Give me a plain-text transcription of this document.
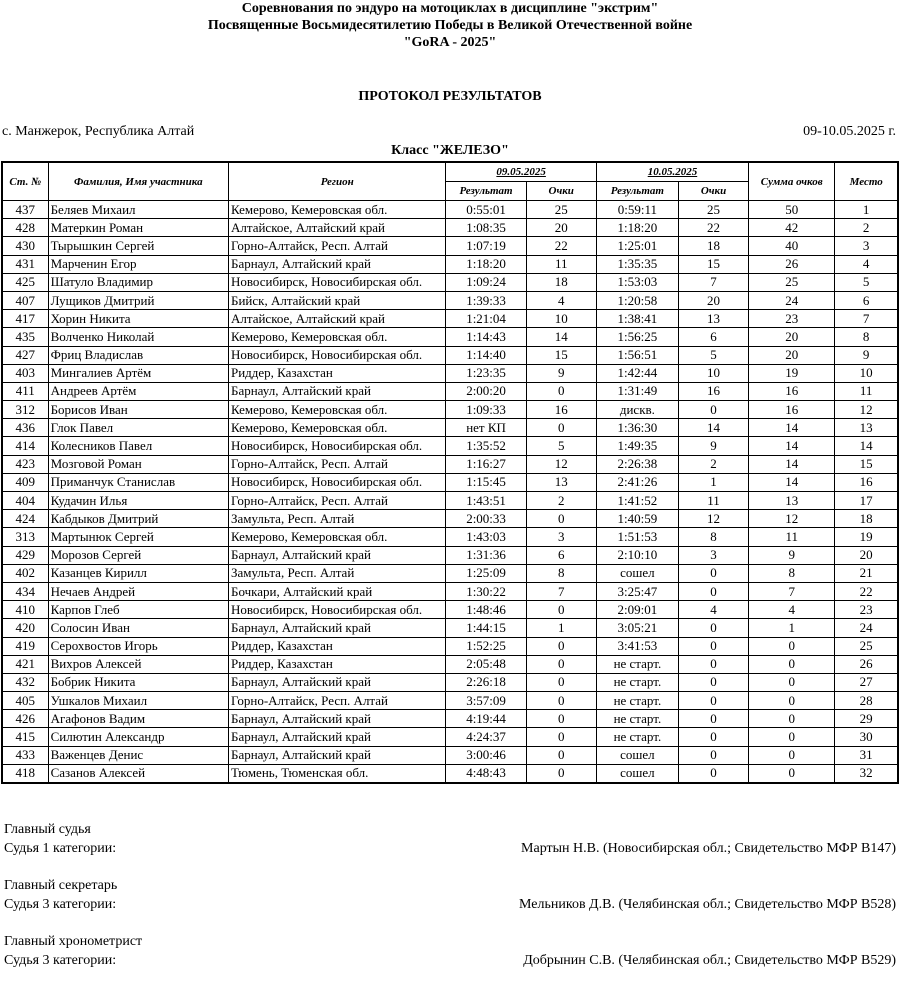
Соревнования по эндуро на мотоциклах в дисциплине "экстрим"
Посвященные Восьмидесятилетию Победы в Великой Отечественной войне
"GoRA - 2025"
ПРОТОКОЛ РЕЗУЛЬТАТОВ
с. Манжерок, Республика Алтай	09-10.05.2025 г.
Класс "ЖЕЛЕЗО"
Ст. №	Фамилия, Имя участника	Регион	09.05.2025		10.05.2025		Сумма очков	Место
			Результат	Очки	Результат	Очки		
437	Беляев Михаил	Кемерово, Кемеровская обл.	0:55:01	25	0:59:11	25	50	1
428	Матеркин Роман	Алтайское, Алтайский край	1:08:35	20	1:18:20	22	42	2
430	Тырышкин Сергей	Горно-Алтайск, Респ. Алтай	1:07:19	22	1:25:01	18	40	3
431	Марченин Егор	Барнаул, Алтайский край	1:18:20	11	1:35:35	15	26	4
425	Шатуло Владимир	Новосибирск, Новосибирская обл.	1:09:24	18	1:53:03	7	25	5
407	Лущиков Дмитрий	Бийск, Алтайский край	1:39:33	4	1:20:58	20	24	6
417	Хорин Никита	Алтайское, Алтайский край	1:21:04	10	1:38:41	13	23	7
435	Волченко Николай	Кемерово, Кемеровская обл.	1:14:43	14	1:56:25	6	20	8
427	Фриц Владислав	Новосибирск, Новосибирская обл.	1:14:40	15	1:56:51	5	20	9
403	Мингалиев Артём	Риддер, Казахстан	1:23:35	9	1:42:44	10	19	10
411	Андреев Артём	Барнаул, Алтайский край	2:00:20	0	1:31:49	16	16	11
312	Борисов Иван	Кемерово, Кемеровская обл.	1:09:33	16	дискв.	0	16	12
436	Глок Павел	Кемерово, Кемеровская обл.	нет КП	0	1:36:30	14	14	13
414	Колесников Павел	Новосибирск, Новосибирская обл.	1:35:52	5	1:49:35	9	14	14
423	Мозговой Роман	Горно-Алтайск, Респ. Алтай	1:16:27	12	2:26:38	2	14	15
409	Приманчук Станислав	Новосибирск, Новосибирская обл.	1:15:45	13	2:41:26	1	14	16
404	Кудачин Илья	Горно-Алтайск, Респ. Алтай	1:43:51	2	1:41:52	11	13	17
424	Кабдыков Дмитрий	Замульта, Респ. Алтай	2:00:33	0	1:40:59	12	12	18
313	Мартынюк Сергей	Кемерово, Кемеровская обл.	1:43:03	3	1:51:53	8	11	19
429	Морозов Сергей	Барнаул, Алтайский край	1:31:36	6	2:10:10	3	9	20
402	Казанцев Кирилл	Замульта, Респ. Алтай	1:25:09	8	сошел	0	8	21
434	Нечаев Андрей	Бочкари, Алтайский край	1:30:22	7	3:25:47	0	7	22
410	Карпов Глеб	Новосибирск, Новосибирская обл.	1:48:46	0	2:09:01	4	4	23
420	Солосин Иван	Барнаул, Алтайский край	1:44:15	1	3:05:21	0	1	24
419	Серохвостов Игорь	Риддер, Казахстан	1:52:25	0	3:41:53	0	0	25
421	Вихров Алексей	Риддер, Казахстан	2:05:48	0	не старт.	0	0	26
432	Бобрик Никита	Барнаул, Алтайский край	2:26:18	0	не старт.	0	0	27
405	Ушкалов Михаил	Горно-Алтайск, Респ. Алтай	3:57:09	0	не старт.	0	0	28
426	Агафонов Вадим	Барнаул, Алтайский край	4:19:44	0	не старт.	0	0	29
415	Силютин Александр	Барнаул, Алтайский край	4:24:37	0	не старт.	0	0	30
433	Важенцев Денис	Барнаул, Алтайский край	3:00:46	0	сошел	0	0	31
418	Сазанов Алексей	Тюмень, Тюменская обл.	4:48:43	0	сошел	0	0	32
Главный судья
Судья 1 категории:	Мартын Н.В. (Новосибирская обл.; Свидетельство МФР В147)
Главный секретарь
Судья 3 категории:	Мельников Д.В. (Челябинская обл.; Свидетельство МФР В528)
Главный хронометрист
Судья 3 категории:	Добрынин С.В. (Челябинская обл.; Свидетельство МФР В529)
